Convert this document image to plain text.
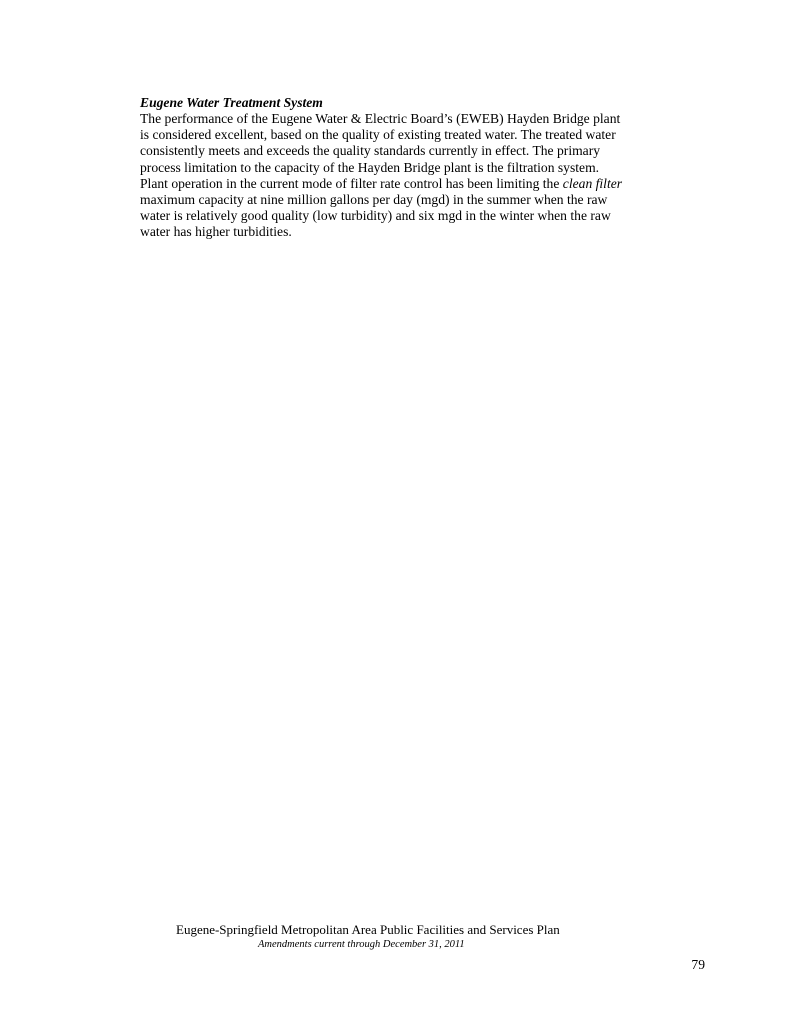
Eugene Water Treatment System

The performance of the Eugene Water & Electric Board’s (EWEB) Hayden Bridge plant
is considered excellent, based on the quality of existing treated water. The treated water
consistently meets and exceeds the quality standards currently in effect. The primary
process limitation to the capacity of the Hayden Bridge plant is the filtration system.
Plant operation in the current mode of filter rate control has been limiting the clean filter
maximum capacity at nine million gallons per day (mgd) in the summer when the raw
water is relatively good quality (low turbidity) and six mgd in the winter when the raw
water has higher turbidities.

Eugene-Springfield Metropolitan Area Public Facilities and Services Plan
Amendments current through December 31, 2011
79
